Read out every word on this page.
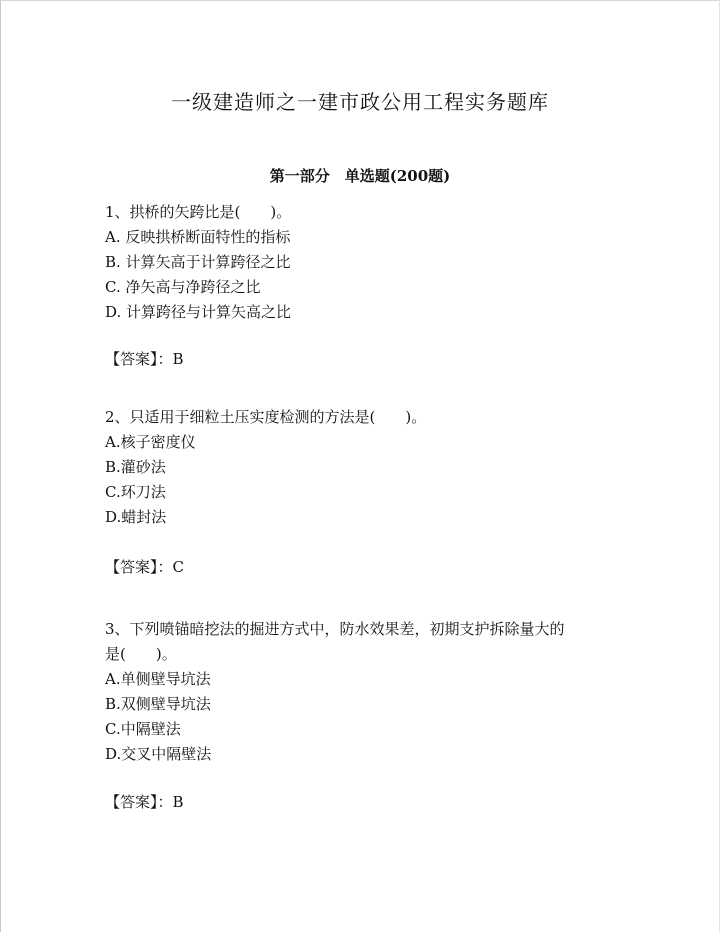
一级建造师之一建市政公用工程实务题库
第一部分　单选题(200题)
1、拱桥的矢跨比是(　　)。
A. 反映拱桥断面特性的指标
B. 计算矢高于计算跨径之比
C. 净矢高与净跨径之比
D. 计算跨径与计算矢高之比
【答案】：B
2、只适用于细粒土压实度检测的方法是(　　)。
A.核子密度仪
B.灌砂法
C.环刀法
D.蜡封法
【答案】：C
3、下列喷锚暗挖法的掘进方式中，防水效果差，初期支护拆除量大的
是(　　)。
A.单侧壁导坑法
B.双侧壁导坑法
C.中隔壁法
D.交叉中隔壁法
【答案】：B
